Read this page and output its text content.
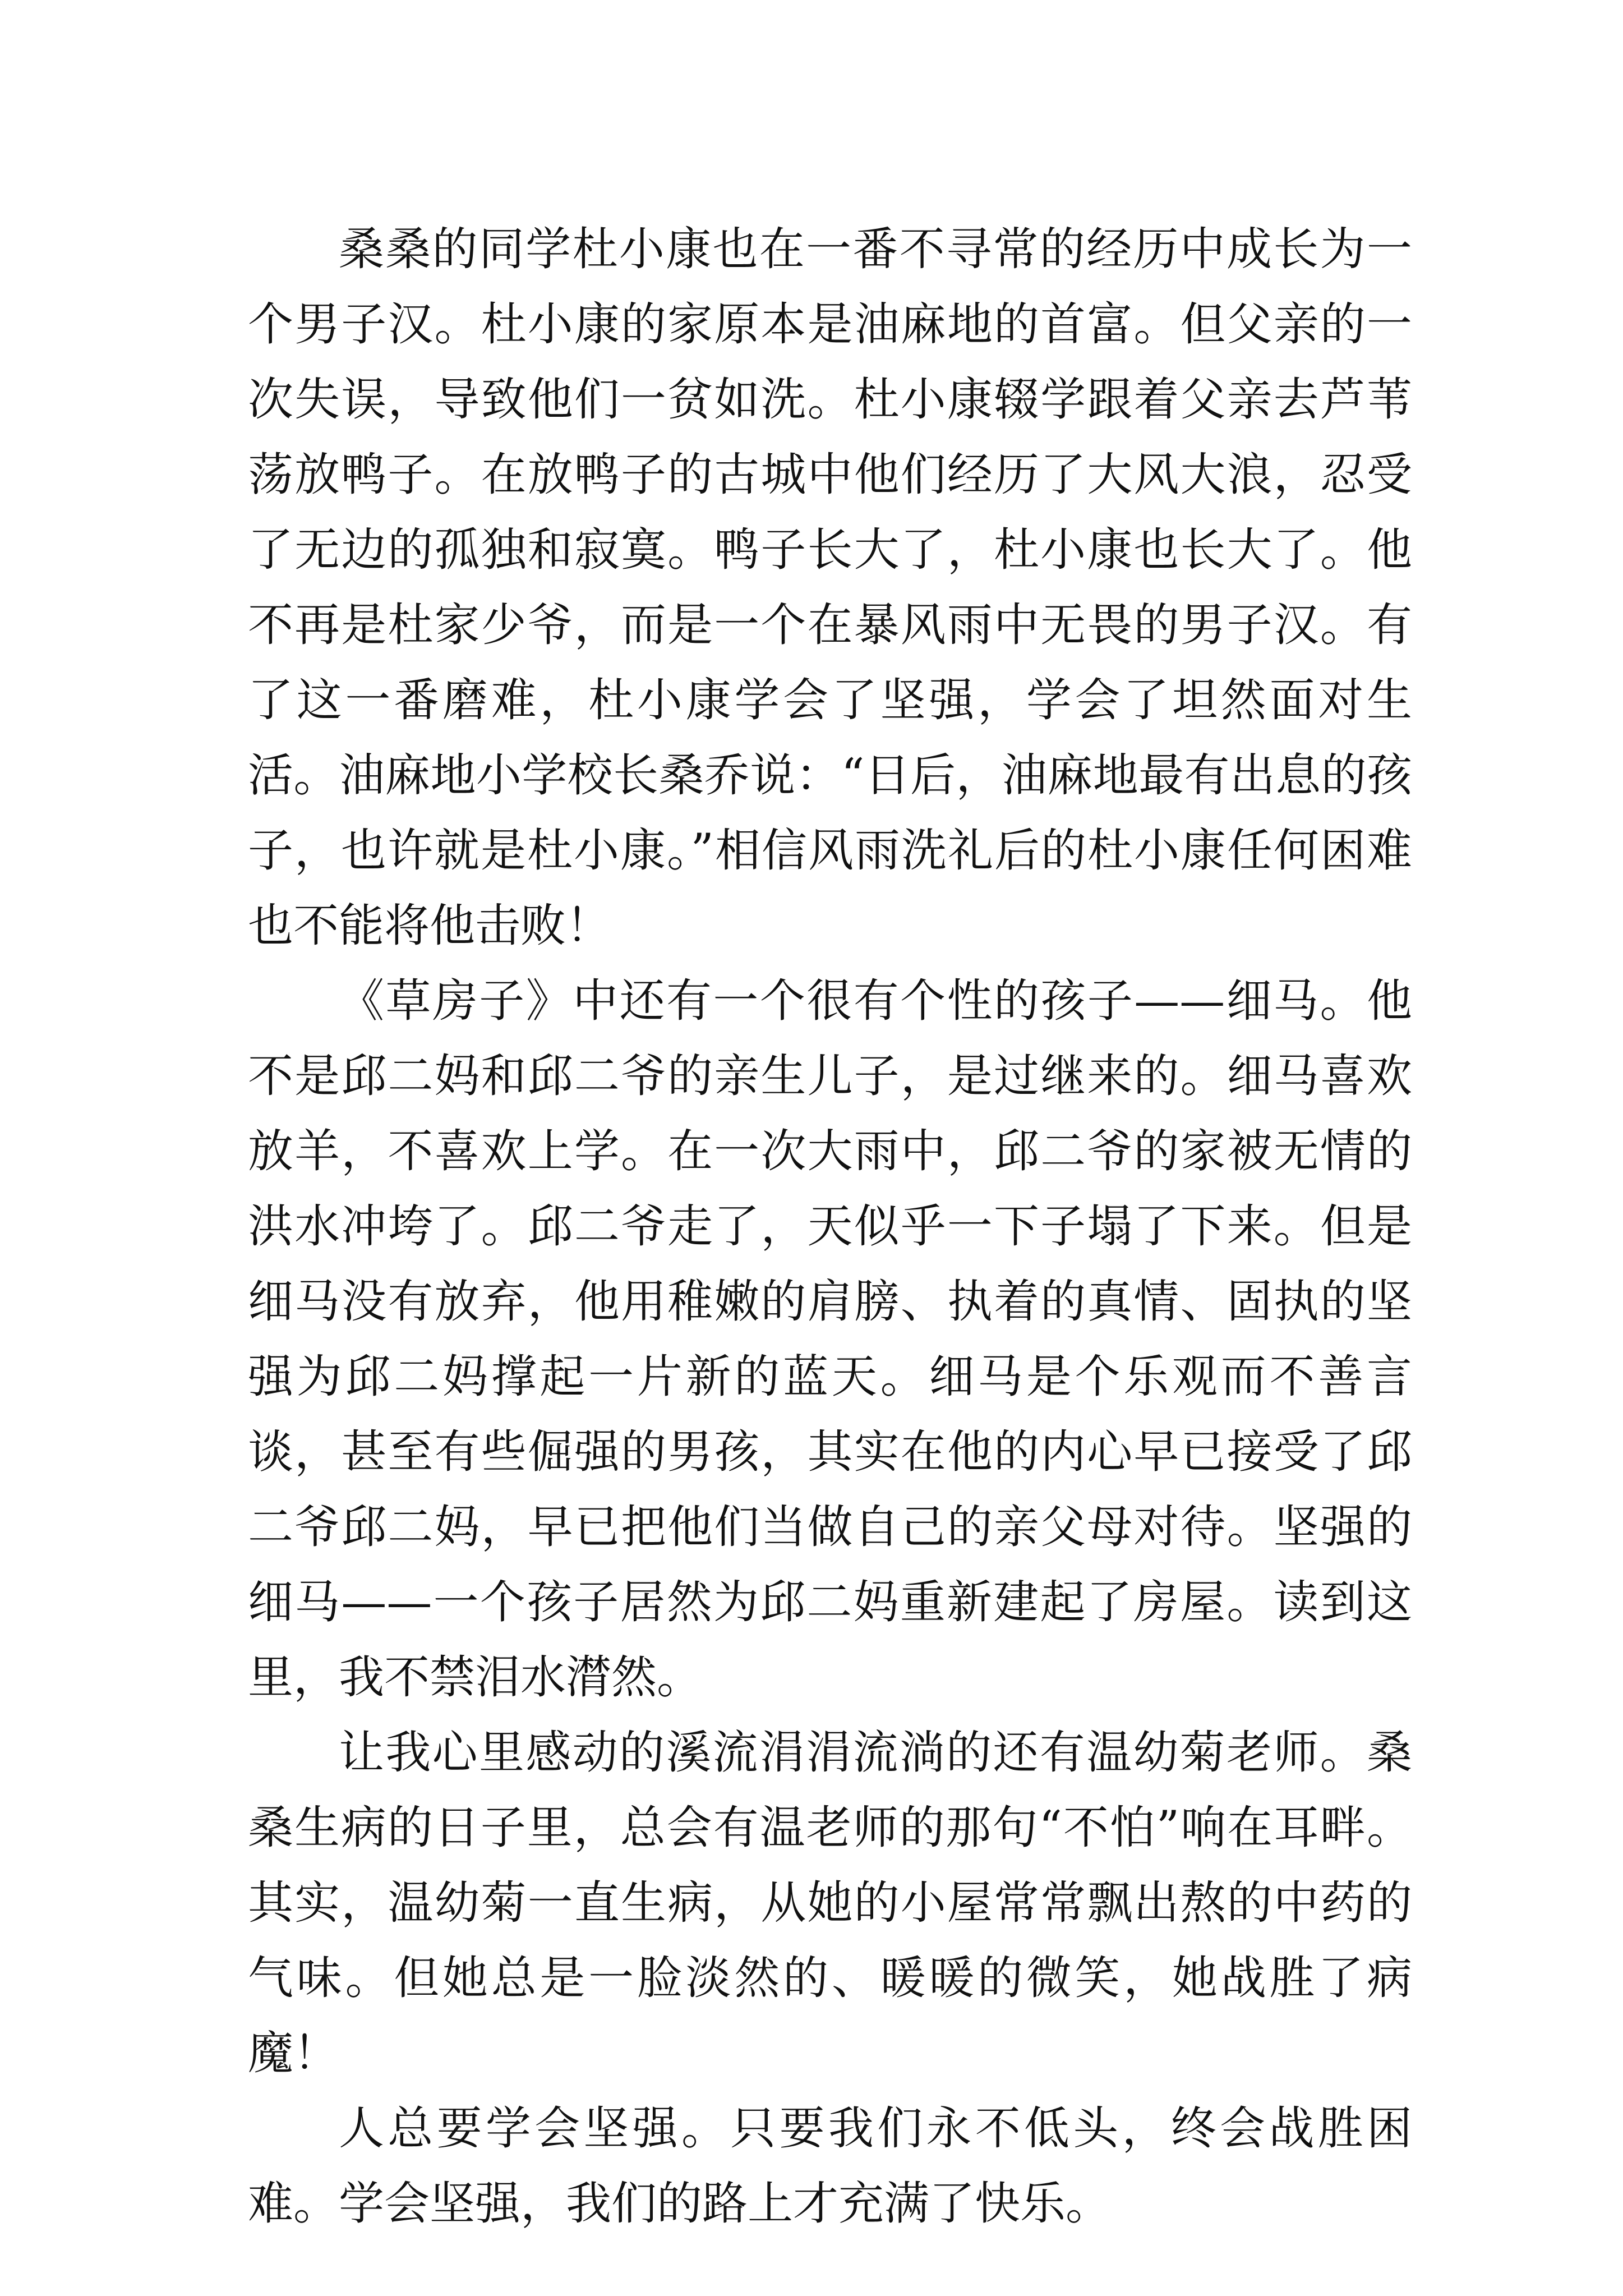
桑桑的同学杜小康也在一番不寻常的经历中成长为一个男子汉。杜小康的家原本是油麻地的首富。但父亲的一次失误，导致他们一贫如洗。杜小康辍学跟着父亲去芦苇荡放鸭子。在放鸭子的古城中他们经历了大风大浪，忍受了无边的孤独和寂寞。鸭子长大了，杜小康也长大了。他不再是杜家少爷，而是一个在暴风雨中无畏的男子汉。有了这一番磨难，杜小康学会了坚强，学会了坦然面对生活。油麻地小学校长桑乔说：“日后，油麻地最有出息的孩子，也许就是杜小康。”相信风雨洗礼后的杜小康任何困难也不能将他击败！

《草房子》中还有一个很有个性的孩子——细马。他不是邱二妈和邱二爷的亲生儿子，是过继来的。细马喜欢放羊，不喜欢上学。在一次大雨中，邱二爷的家被无情的洪水冲垮了。邱二爷走了，天似乎一下子塌了下来。但是细马没有放弃，他用稚嫩的肩膀、执着的真情、固执的坚强为邱二妈撑起一片新的蓝天。细马是个乐观而不善言谈，甚至有些倔强的男孩，其实在他的内心早已接受了邱二爷邱二妈，早已把他们当做自己的亲父母对待。坚强的细马——一个孩子居然为邱二妈重新建起了房屋。读到这里，我不禁泪水潸然。

让我心里感动的溪流涓涓流淌的还有温幼菊老师。桑桑生病的日子里，总会有温老师的那句“不怕”响在耳畔。其实，温幼菊一直生病，从她的小屋常常飘出熬的中药的气味。但她总是一脸淡然的、暖暖的微笑，她战胜了病魔！

人总要学会坚强。只要我们永不低头，终会战胜困难。学会坚强，我们的路上才充满了快乐。
